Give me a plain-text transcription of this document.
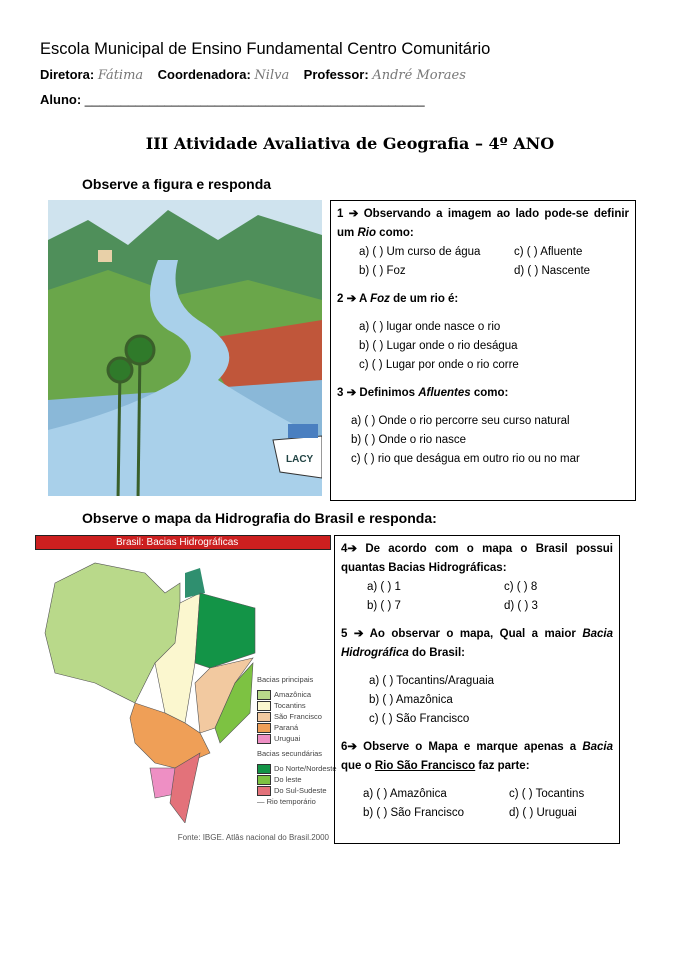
Escola Municipal de Ensino Fundamental Centro Comunitário
Diretora: Fátima Coordenadora: Nilva Professor: André Moraes
Aluno: _______________________________________________
III Atividade Avaliativa de Geografia – 4º ANO
Observe a figura e responda
LACY
1 ➔ Observando a imagem ao lado pode-se definir um Rio como:
a) ( ) Um curso de água	c) ( ) Afluente
b) ( ) Foz	d) ( ) Nascente
2 ➔ A Foz de um rio é:
a) ( ) lugar onde nasce o rio
b) ( ) Lugar onde o rio deságua
c) ( ) Lugar por onde o rio corre
3 ➔ Definimos Afluentes como:
a) ( ) Onde o rio percorre seu curso natural
b) ( ) Onde o rio nasce
c) ( ) rio que deságua em outro rio ou no mar
Observe o mapa da Hidrografia do Brasil e responda:
Brasil: Bacias Hidrográficas
Bacias principais
Amazônica
Tocantins
São Francisco
Paraná
Uruguai
Bacias secundárias
Do Norte/Nordeste
Do leste
Do Sul-Sudeste
— Rio temporário
Fonte: IBGE. Atlâs nacional do Brasil.2000
4➔ De acordo com o mapa o Brasil possui quantas Bacias Hidrográficas:
a) ( ) 1	c) ( ) 8
b) ( ) 7	d) ( ) 3
5 ➔ Ao observar o mapa, Qual a maior Bacia Hidrográfica do Brasil:
a) ( ) Tocantins/Araguaia
b) ( ) Amazônica
c) ( ) São Francisco
6➔ Observe o Mapa e marque apenas a Bacia que o Rio São Francisco faz parte:
a) ( ) Amazônica	c) ( ) Tocantins
b) ( ) São Francisco	d) ( ) Uruguai
